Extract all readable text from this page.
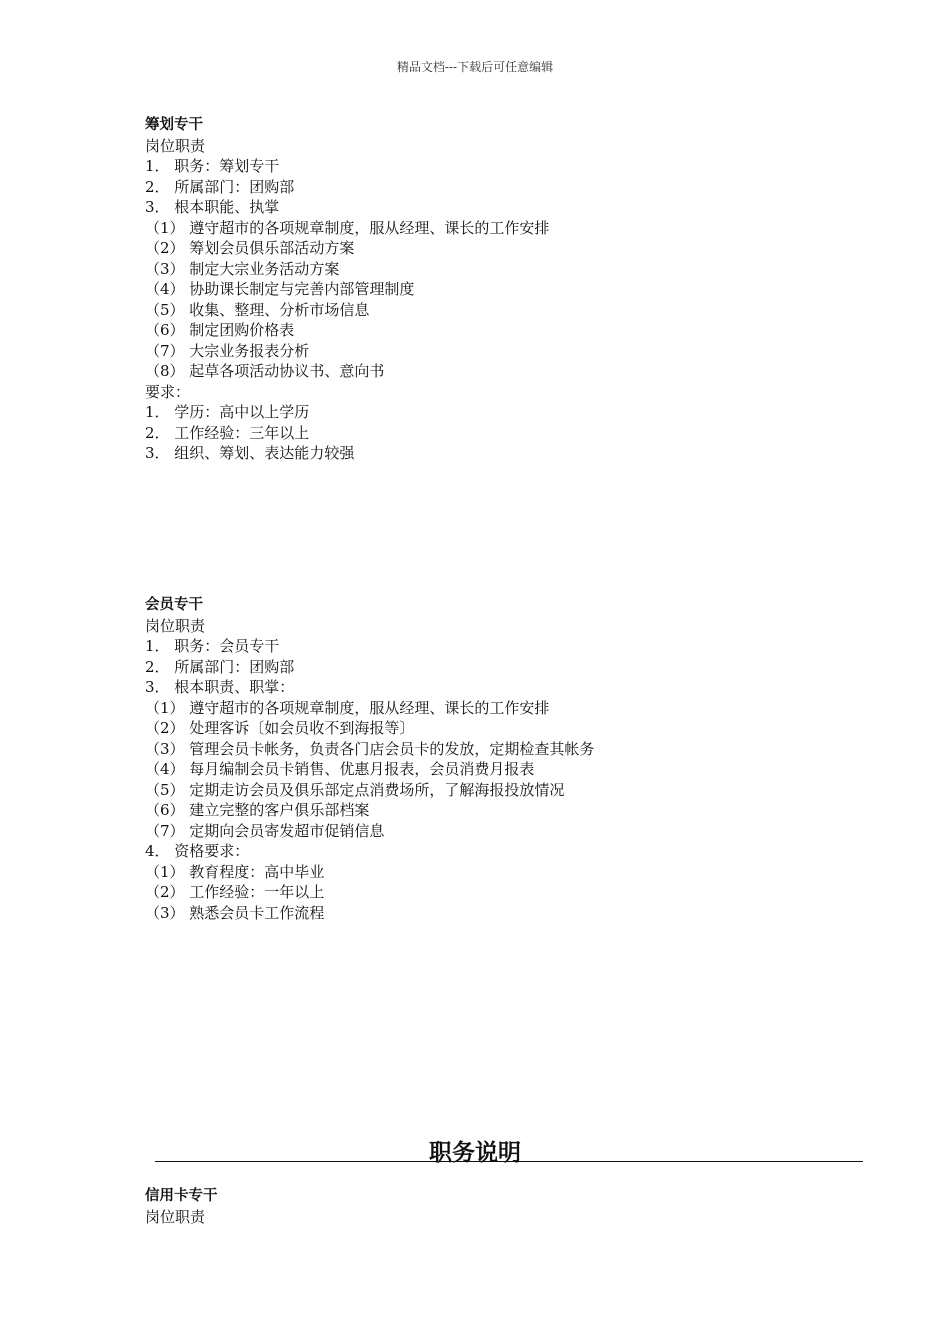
精品文档---下载后可任意编辑
筹划专干
岗位职责
1． 职务：筹划专干
2． 所属部门：团购部
3． 根本职能、执掌
（1） 遵守超市的各项规章制度，服从经理、课长的工作安排
（2） 筹划会员俱乐部活动方案
（3） 制定大宗业务活动方案
（4） 协助课长制定与完善内部管理制度
（5） 收集、整理、分析市场信息
（6） 制定团购价格表
（7） 大宗业务报表分析
（8） 起草各项活动协议书、意向书
要求：
1． 学历：高中以上学历
2． 工作经验：三年以上
3． 组织、筹划、表达能力较强
会员专干
岗位职责
1． 职务：会员专干
2． 所属部门：团购部
3． 根本职责、职掌：
（1） 遵守超市的各项规章制度，服从经理、课长的工作安排
（2） 处理客诉〔如会员收不到海报等〕
（3） 管理会员卡帐务，负责各门店会员卡的发放，定期检查其帐务
（4） 每月编制会员卡销售、优惠月报表，会员消费月报表
（5） 定期走访会员及俱乐部定点消费场所，了解海报投放情况
（6） 建立完整的客户俱乐部档案
（7） 定期向会员寄发超市促销信息
4． 资格要求：
（1） 教育程度：高中毕业
（2） 工作经验：一年以上
（3） 熟悉会员卡工作流程
职务说明
信用卡专干
岗位职责
